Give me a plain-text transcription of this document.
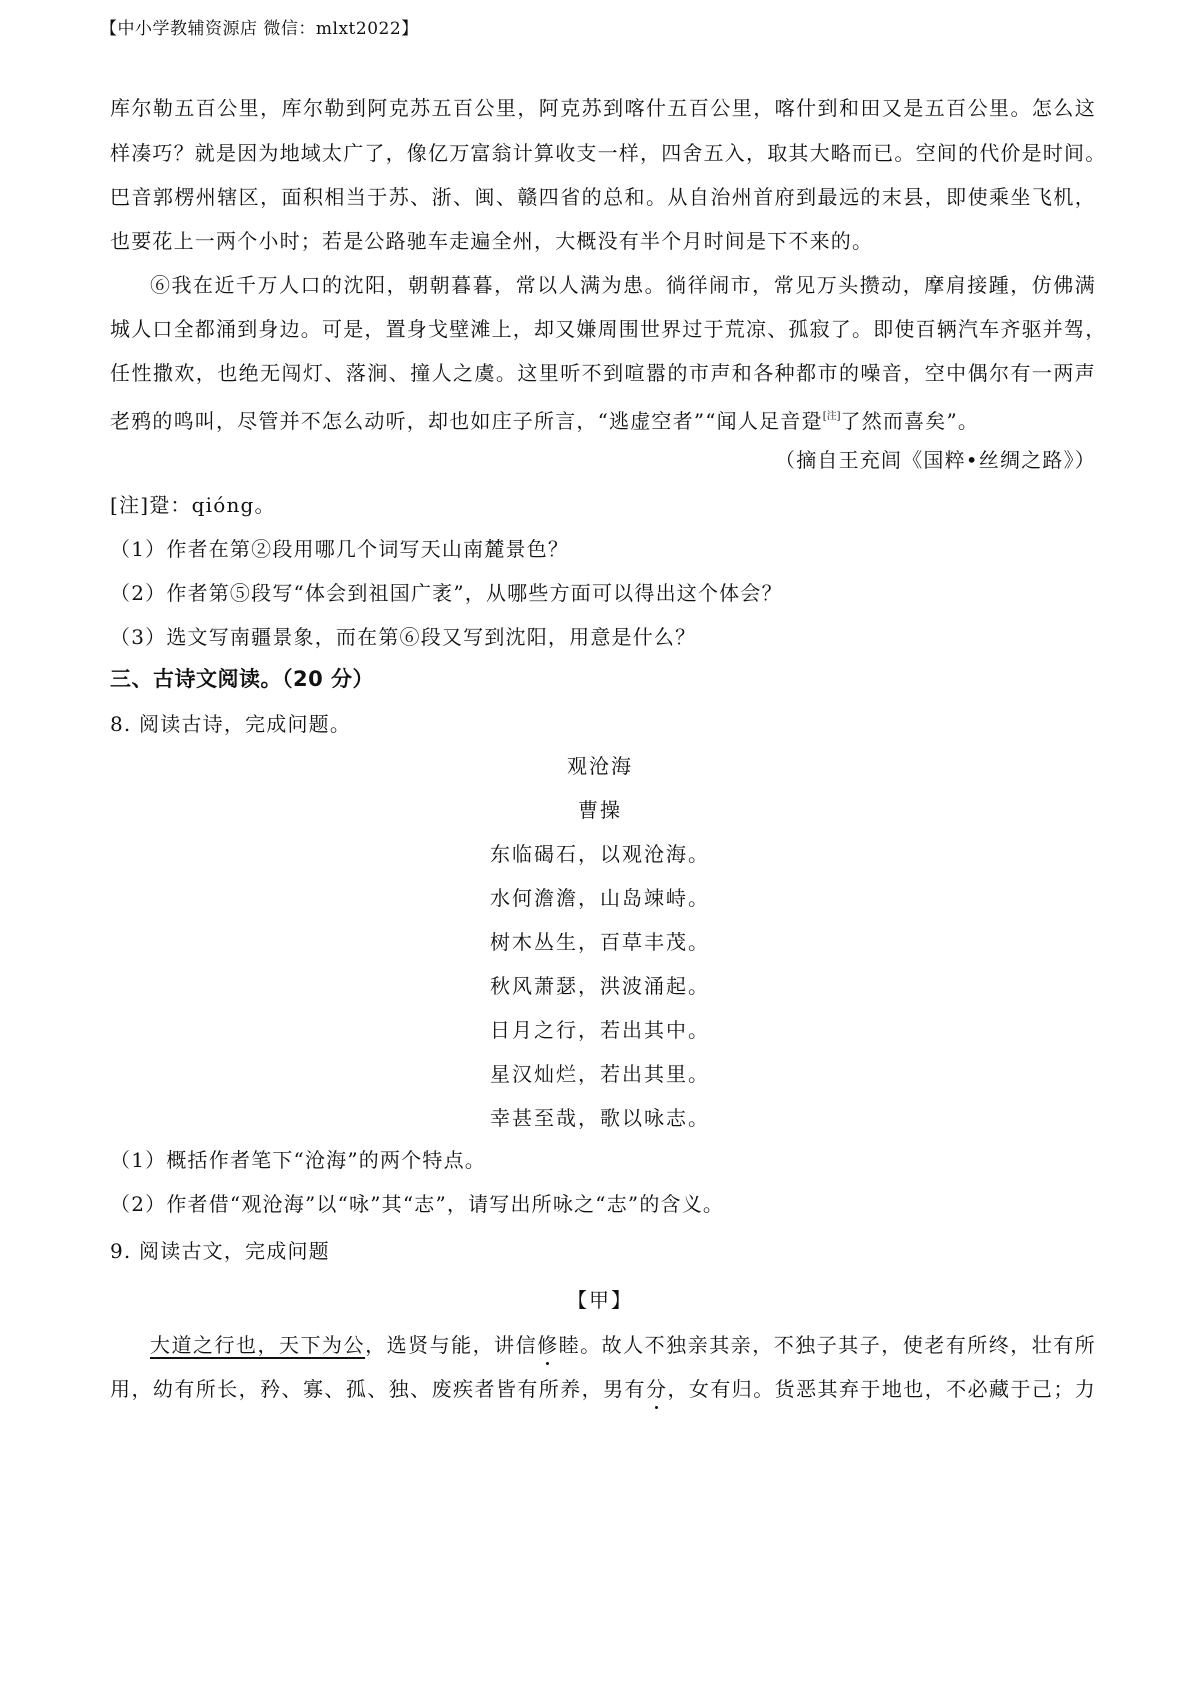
【中小学教辅资源店 微信：mlxt2022】
库尔勒五百公里，库尔勒到阿克苏五百公里，阿克苏到喀什五百公里，喀什到和田又是五百公里。怎么这
样凑巧？就是因为地域太广了，像亿万富翁计算收支一样，四舍五入，取其大略而已。空间的代价是时间。
巴音郭楞州辖区，面积相当于苏、浙、闽、赣四省的总和。从自治州首府到最远的末县，即使乘坐飞机，
也要花上一两个小时；若是公路驰车走遍全州，大概没有半个月时间是下不来的。
⑥我在近千万人口的沈阳，朝朝暮暮，常以人满为患。徜徉闹市，常见万头攒动，摩肩接踵，仿佛满
城人口全都涌到身边。可是，置身戈壁滩上，却又嫌周围世界过于荒凉、孤寂了。即使百辆汽车齐驱并驾，
任性撒欢，也绝无闯灯、落涧、撞人之虞。这里听不到喧嚣的市声和各种都市的噪音，空中偶尔有一两声
老鸦的鸣叫，尽管并不怎么动听，却也如庄子所言，“逃虚空者”“闻人足音跫[注]了然而喜矣”。
（摘自王充闾《国粹•丝绸之路》）
[注]跫：qióng。
（1）作者在第②段用哪几个词写天山南麓景色？
（2）作者第⑤段写“体会到祖国广袤”，从哪些方面可以得出这个体会？
（3）选文写南疆景象，而在第⑥段又写到沈阳，用意是什么？
三、古诗文阅读。（20 分）
8. 阅读古诗，完成问题。
观沧海
曹操
东临碣石，以观沧海。
水何澹澹，山岛竦峙。
树木丛生，百草丰茂。
秋风萧瑟，洪波涌起。
日月之行，若出其中。
星汉灿烂，若出其里。
幸甚至哉，歌以咏志。
（1）概括作者笔下“沧海”的两个特点。
（2）作者借“观沧海”以“咏”其“志”，请写出所咏之“志”的含义。
9. 阅读古文，完成问题
【甲】
大道之行也，天下为公，选贤与能，讲信修睦。故人不独亲其亲，不独子其子，使老有所终，壮有所
用，幼有所长，矜、寡、孤、独、废疾者皆有所养，男有分，女有归。货恶其弃于地也，不必藏于己；力
